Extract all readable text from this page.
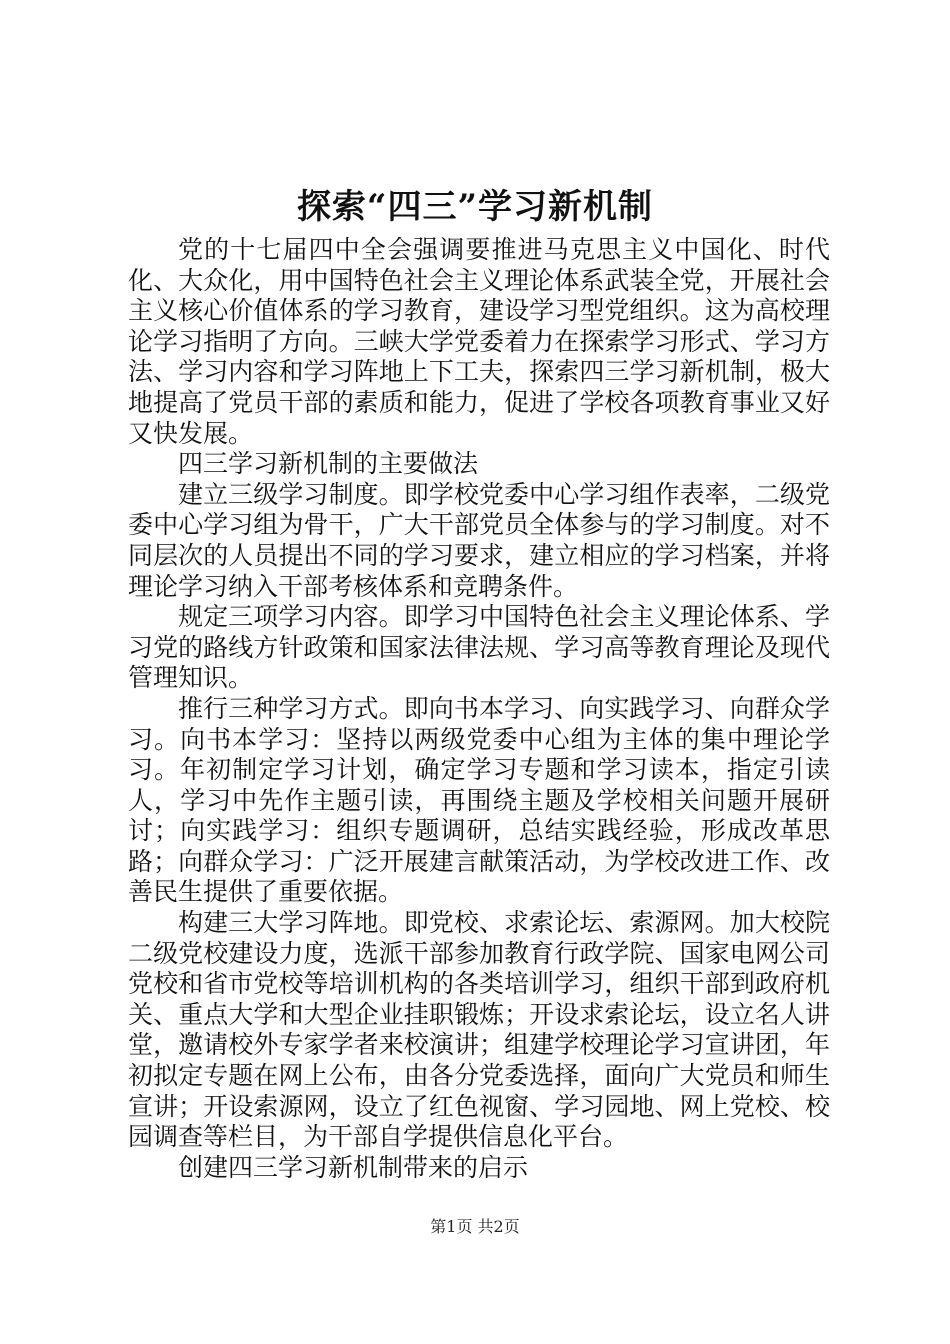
探索“四三”学习新机制

党的十七届四中全会强调要推进马克思主义中国化、时代化、大众化，用中国特色社会主义理论体系武装全党，开展社会主义核心价值体系的学习教育，建设学习型党组织。这为高校理论学习指明了方向。三峡大学党委着力在探索学习形式、学习方法、学习内容和学习阵地上下工夫，探索四三学习新机制，极大地提高了党员干部的素质和能力，促进了学校各项教育事业又好又快发展。

四三学习新机制的主要做法

建立三级学习制度。即学校党委中心学习组作表率，二级党委中心学习组为骨干，广大干部党员全体参与的学习制度。对不同层次的人员提出不同的学习要求，建立相应的学习档案，并将理论学习纳入干部考核体系和竞聘条件。

规定三项学习内容。即学习中国特色社会主义理论体系、学习党的路线方针政策和国家法律法规、学习高等教育理论及现代管理知识。

推行三种学习方式。即向书本学习、向实践学习、向群众学习。向书本学习：坚持以两级党委中心组为主体的集中理论学习。年初制定学习计划，确定学习专题和学习读本，指定引读人，学习中先作主题引读，再围绕主题及学校相关问题开展研讨；向实践学习：组织专题调研，总结实践经验，形成改革思路；向群众学习：广泛开展建言献策活动，为学校改进工作、改善民生提供了重要依据。

构建三大学习阵地。即党校、求索论坛、索源网。加大校院二级党校建设力度，选派干部参加教育行政学院、国家电网公司党校和省市党校等培训机构的各类培训学习，组织干部到政府机关、重点大学和大型企业挂职锻炼；开设求索论坛，设立名人讲堂，邀请校外专家学者来校演讲；组建学校理论学习宣讲团，年初拟定专题在网上公布，由各分党委选择，面向广大党员和师生宣讲；开设索源网，设立了红色视窗、学习园地、网上党校、校园调查等栏目，为干部自学提供信息化平台。

创建四三学习新机制带来的启示

第1页 共2页
